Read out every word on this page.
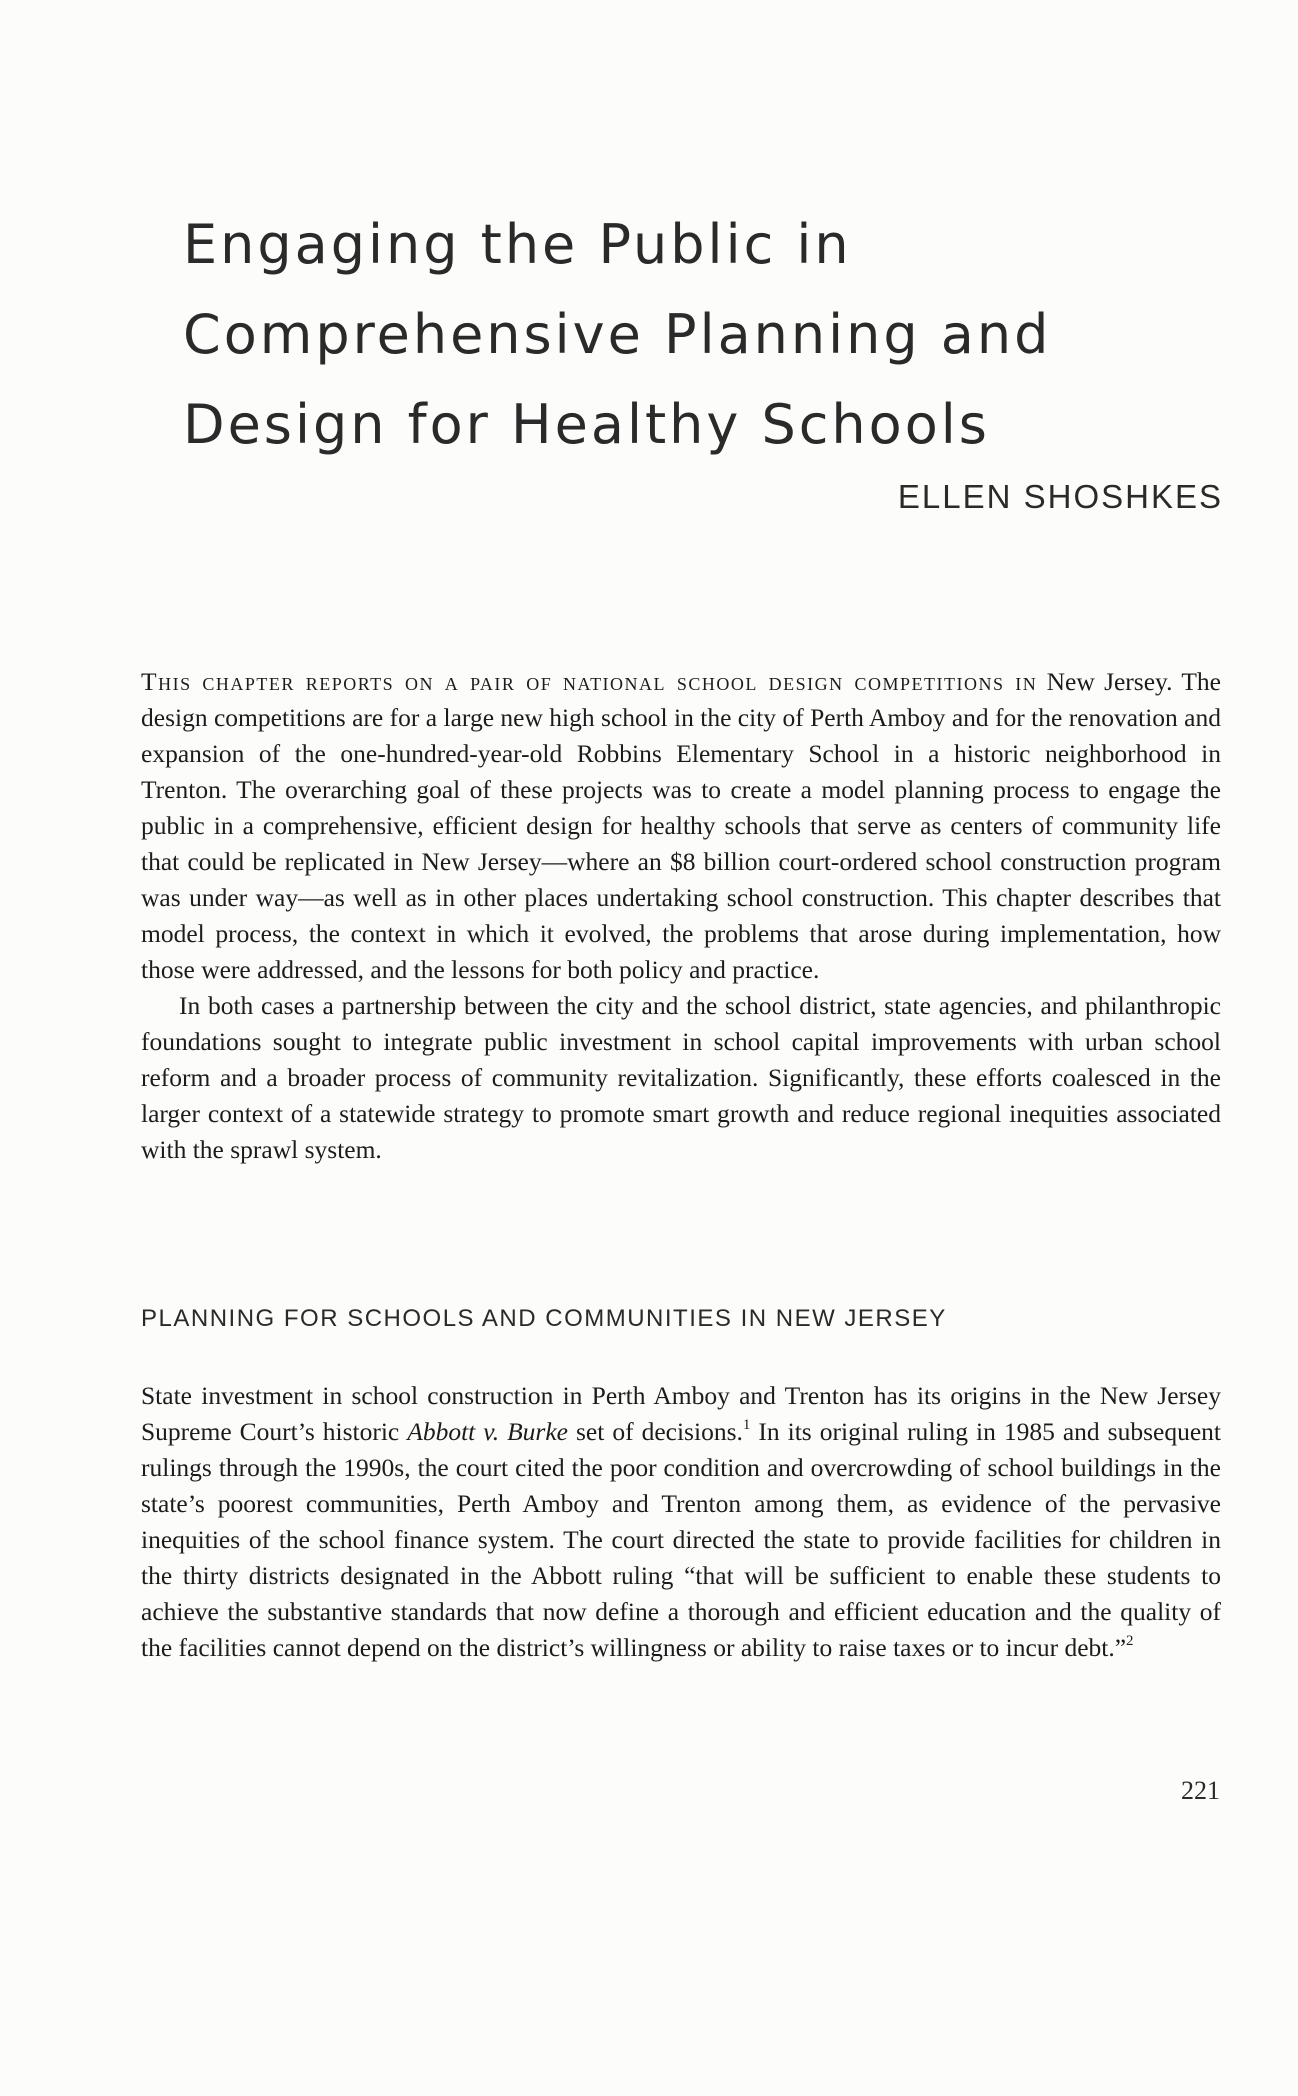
Engaging the Public in
Comprehensive Planning and
Design for Healthy Schools
ELLEN SHOSHKES

This chapter reports on a pair of national school design competitions in New Jersey. The design competitions are for a large new high school in the city of Perth Amboy and for the renovation and expansion of the one-hundred-year-old Robbins Elementary School in a historic neighborhood in Trenton. The overarching goal of these projects was to create a model planning process to engage the public in a comprehensive, efficient design for healthy schools that serve as centers of community life that could be replicated in New Jersey—where an $8 billion court-ordered school construction program was under way—as well as in other places undertaking school construction. This chapter describes that model process, the context in which it evolved, the problems that arose during implementation, how those were addressed, and the lessons for both policy and practice.

In both cases a partnership between the city and the school district, state agencies, and philanthropic foundations sought to integrate public investment in school capital improvements with urban school reform and a broader process of community revitalization. Significantly, these efforts coalesced in the larger context of a statewide strategy to promote smart growth and reduce regional inequities associated with the sprawl system.

PLANNING FOR SCHOOLS AND COMMUNITIES IN NEW JERSEY

State investment in school construction in Perth Amboy and Trenton has its origins in the New Jersey Supreme Court’s historic Abbott v. Burke set of decisions.$^1$ In its original ruling in 1985 and subsequent rulings through the 1990s, the court cited the poor condition and overcrowding of school buildings in the state’s poorest communities, Perth Amboy and Trenton among them, as evidence of the pervasive inequities of the school finance system. The court directed the state to provide facilities for children in the thirty districts designated in the Abbott ruling “that will be sufficient to enable these students to achieve the substantive standards that now define a thorough and efficient education and the quality of the facilities cannot depend on the district’s willingness or ability to raise taxes or to incur debt.”$^2$

221
